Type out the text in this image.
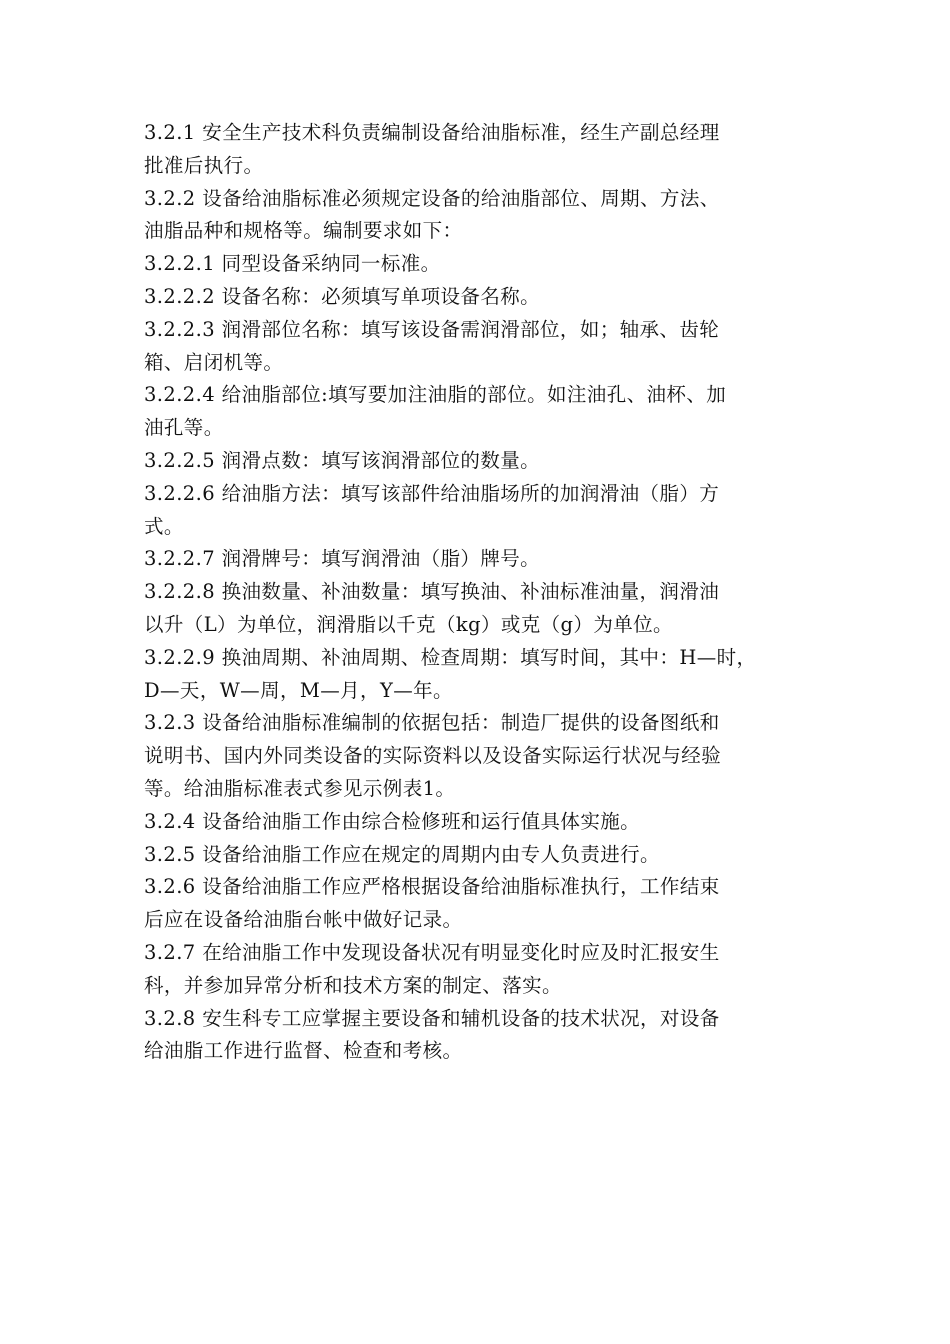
3.2.1 安全生产技术科负责编制设备给油脂标准，经生产副总经理
批准后执行。
3.2.2 设备给油脂标准必须规定设备的给油脂部位、周期、方法、
油脂品种和规格等。编制要求如下：
3.2.2.1 同型设备采纳同一标准。
3.2.2.2 设备名称：必须填写单项设备名称。
3.2.2.3 润滑部位名称：填写该设备需润滑部位，如；轴承、齿轮
箱、启闭机等。
3.2.2.4 给油脂部位:填写要加注油脂的部位。如注油孔、油杯、加
油孔等。
3.2.2.5 润滑点数：填写该润滑部位的数量。
3.2.2.6 给油脂方法：填写该部件给油脂场所的加润滑油（脂）方
式。
3.2.2.7 润滑牌号：填写润滑油（脂）牌号。
3.2.2.8 换油数量、补油数量：填写换油、补油标准油量，润滑油
以升（L）为单位，润滑脂以千克（kg）或克（g）为单位。
3.2.2.9 换油周期、补油周期、检查周期：填写时间，其中：H—时，
D—天，W—周，M—月，Y—年。
3.2.3 设备给油脂标准编制的依据包括：制造厂提供的设备图纸和
说明书、国内外同类设备的实际资料以及设备实际运行状况与经验
等。给油脂标准表式参见示例表1。
3.2.4 设备给油脂工作由综合检修班和运行值具体实施。
3.2.5 设备给油脂工作应在规定的周期内由专人负责进行。
3.2.6 设备给油脂工作应严格根据设备给油脂标准执行，工作结束
后应在设备给油脂台帐中做好记录。
3.2.7 在给油脂工作中发现设备状况有明显变化时应及时汇报安生
科，并参加异常分析和技术方案的制定、落实。
3.2.8 安生科专工应掌握主要设备和辅机设备的技术状况，对设备
给油脂工作进行监督、检查和考核。
